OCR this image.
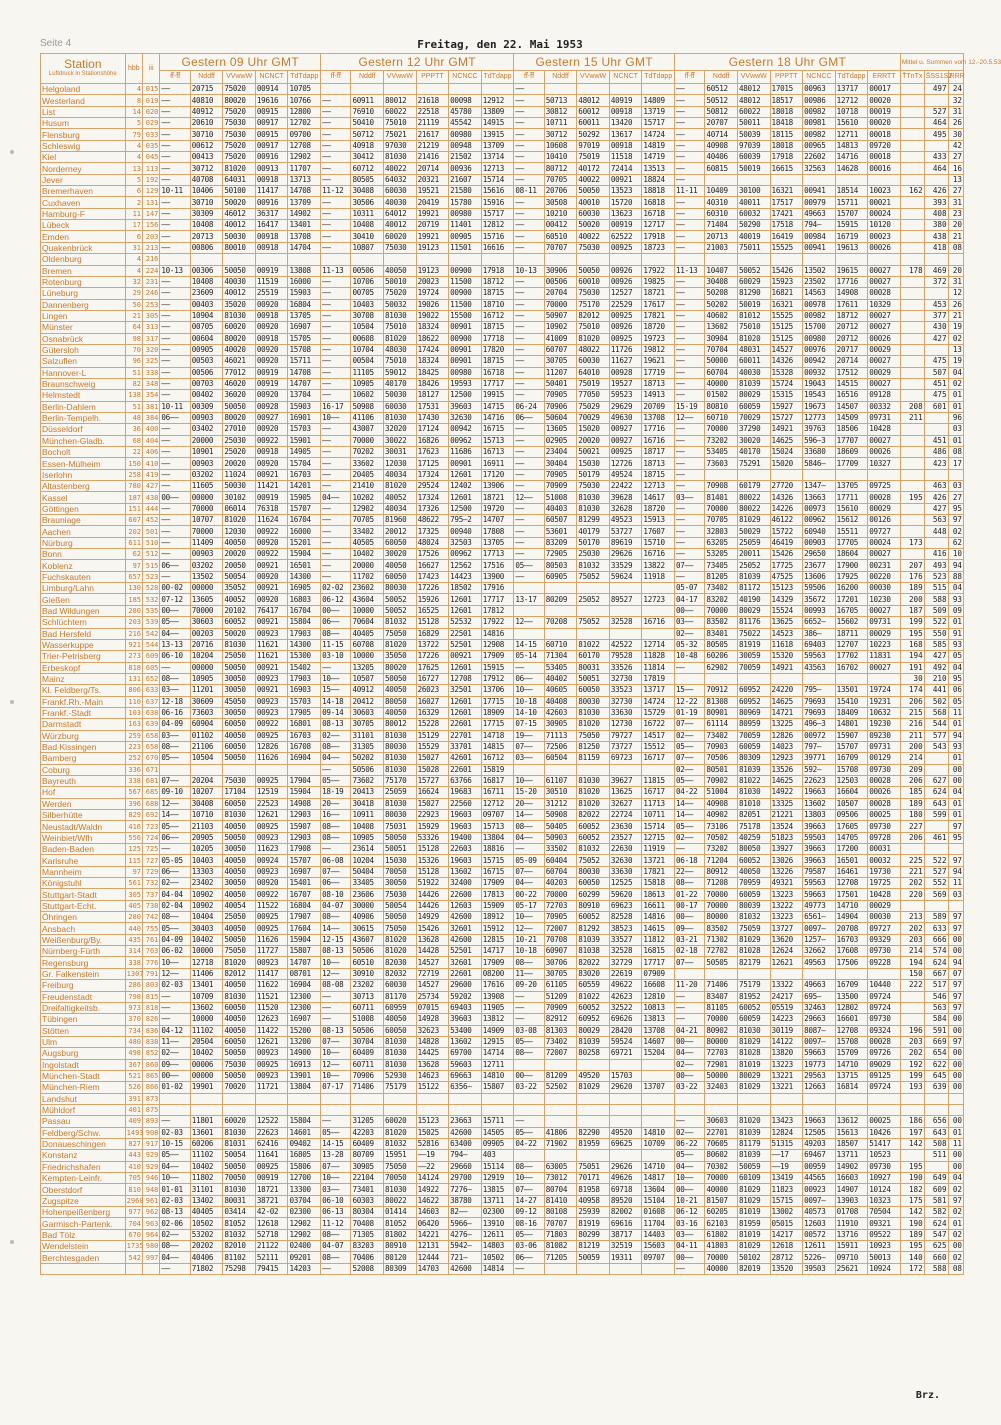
Seite 4	Freitag, den 22. Mai 1953
Station
Luftdruck in Stationshöhe	hbb	iii	Gestern 09 Uhr GMT					Gestern 12 Uhr GMT						Gestern 15 Uhr GMT					Gestern 18 Uhr GMT							Mittel u. Summen vom 12.-20.5.53		
			ff̄-f̄f̄	Nddff	VVwwW	NCNCT	TdTdapp	ff̄-f̄f̄	Nddff	VVwwW	PPPTT	NCNCC	TdTdapp	ff̄-f̄f̄	Nddff	VVwwW	NCNCT	TdTdapp	ff̄-f̄f̄	Nddff	VVwwW	PPPTT	NCNCC	TdTdapp	ERRTT	T̄TnTx	S̄SS1S2	RRR
Helgoland	4	015	——	20715	75020	00914	10705							——					——	60512	48012	17015	00963	13717	00017		497	24
Westerland	8	019	——	40810	80020	19616	10766	——	60911	80012	21618	00098	12912	——	50713	48012	40919	14809	——	50512	48012	18517	00986	12712	00020			32
List	14	020	——	40912	75020	00915	12800	——	76910	60022	22518	45780	13809	——	30812	60012	00918	13719	——	50812	60022	18018	00982	10718	00019		527	31
Husum	5	029	——	20610	75030	00917	12702	——	50410	75010	21119	45542	14915	——	10711	60011	13420	15717	——	20707	50011	18418	00981	15610	00020		464	26
Flensburg	79	033	——	30710	75030	00915	09700	——	50712	75021	21617	00980	13915	——	30712	50292	13617	14724	——	40714	50039	18115	00982	12711	00018		495	30
Schleswig	4	035	——	00612	75020	00917	12708	——	40918	97030	21219	00948	13709	——	10608	97019	00918	14819	——	40908	97039	18018	00965	14813	09720			42
Kiel	4	045	——	00413	75020	00916	12902	——	30412	81030	21416	21502	13714	——	10410	75019	11518	14719	——	40406	60039	17918	22602	14716	00018		433	27
Norderney	13	113	——	30712	81020	00913	11707	——	60712	40022	20714	00936	12713	——	80712	40172	72414	13513	——	60815	50019	16615	32563	14628	00016		464	16
Jever	5	192	——	40708	64031	00918	13713	——	80505	64032	20321	21607	15714	——	70705	40022	00921	18824	——									13
Bremerhaven	6	129	10-11	10406	50100	11417	14708	11-12	30408	60030	19521	21580	15616	08-11	20706	50050	13523	18818	11-11	10409	30100	16321	00941	18514	10023	162	426	27
Cuxhaven	2	131	——	30710	50020	00916	13709	——	30506	40030	20419	15780	15916	——	30508	40010	15720	16818	——	40310	40011	17517	00979	15711	00021		393	31
Hamburg-F	11	147	——	30309	46012	36317	14902	——	10311	64012	19921	00980	15717	——	10210	60030	13623	16718	——	60310	60032	17421	49663	15707	00024		408	23
Lübeck	17	156	——	10408	40012	16417	13401	——	10408	40012	20719	11401	12812	——	00412	50020	00919	12717	——	71404	50290	17518	794—	15915	10120		380	20
Emden	6	203	——	20713	50030	00918	13708	——	30410	60020	19921	00905	15716	——	60510	40022	62522	17918	——	20713	40019	16419	00984	16719	00023		438	21
Quakenbrück	31	213	——	00806	80010	00918	14704	——	10807	75030	19123	11501	16616	——	70707	75030	00925	18723	——	21003	75011	15525	00941	19613	00026		418	08
Oldenburg	4	216																										
Bremen	4	224	10-13	00306	50050	00919	13808	11-13	00506	40050	19123	00900	17918	10-13	30906	50050	00926	17922	11-13	10407	50052	15426	13502	19615	00027	178	469	20
Rotenburg	32	231	——	10408	40030	11519	16000	——	10706	50010	20023	11500	18712	——	00506	60010	00926	19825	——	30408	60029	15923	23502	17716	00027		372	31
Lüneburg	29	246	——	23609	40012	25519	15903	——	00705	75020	19724	00900	18715	——	20704	75030	12527	18721	——	50208	81290	16821	14563	14908	00028			12
Dannenberg	50	253	——	00403	35020	00920	16804	——	10403	50032	19026	11500	18710	——	70000	75170	22529	17617	——	50202	50019	16321	00978	17611	10329		453	26
Lingen	21	305	——	10904	81030	00918	13705	——	30708	81030	19022	15500	16712	——	50907	82012	00925	17821	——	40602	81012	15525	00982	18712	00027		377	21
Münster	64	313	——	00705	60020	00920	16907	——	10504	75010	18324	00901	18715	——	10902	75010	00926	18720	——	13602	75010	15125	15700	20712	00027		430	19
Osnabrück	98	317	——	00604	80020	00918	15705	——	00608	81020	18622	00900	17718	——	41009	81020	00925	19723	——	30904	81020	15125	00980	20712	00026		427	02
Gütersloh	70	320	——	00905	40020	00920	15708	——	10704	48030	17424	00901	17820	——	60707	48022	11726	19812	——	70704	48031	14527	00976	20717	00029			13
Salzuflen	96	325	——	00503	46021	00920	15711	——	00504	75010	18324	00901	18715	——	30705	60030	11627	19621	——	50000	60011	14326	00942	20714	00027		475	19
Hannover-L	51	338	——	00506	77012	00919	14708	——	11105	59012	18425	00980	16718	——	11207	64010	00928	17719	——	60704	40030	15328	00932	17512	00029		507	04
Braunschweig	82	348	——	00703	46020	00919	14707	——	10905	40170	18426	19593	17717	——	50401	75019	19527	18713	——	40000	81039	15724	19043	14515	00027		451	02
Helmstedt	138	354	——	00402	36020	00920	13704	——	10602	50030	18127	12500	19915	——	70905	77050	59523	14913	——	01502	80029	15315	19543	16516	09128		475	01
Berlin-Dahlem	51	381	10-11	00309	50050	00928	15903	16-17	50908	60030	17531	39603	14715	06-24	70906	75029	29629	20709	15-19	80810	60059	15927	19673	14507	00332	208	601	01
Berlin-Tempelh.	48	384	06——	00903	80020	00927	16901	10——	41106	81030	17430	32630	14716	06——	50604	70029	49630	13708	12——	60710	70029	15727	12773	14509	09731	211		96
Düsseldorf	36	400	——	03402	27010	00920	15703	——	43007	32020	17124	00942	16715	——	13605	15020	00927	17716	——	70000	37290	14921	39763	18506	10428			03
München-Gladb.	68	404	——	20000	25030	00922	15901	——	70000	30022	16826	00962	15713	——	02905	20020	00927	16716	——	73202	30020	14625	596—3	17707	00027		451	01
Bocholt	22	406	——	10901	25020	00918	14905	——	70202	30031	17623	11686	16713	——	23404	50021	00925	18717	——	53405	40170	15024	33680	18609	00026		486	08
Essen-Mülheim	150	410	——	00903	20020	00920	15704	——	33602	12030	17125	00901	16911	——	30404	15030	12726	18713	——	73603	75291	15020	5846—	17709	10327		423	17
Iserlohn	258	419	——	03202	11024	00921	16703	——	20405	40034	17324	12601	17120	——	70905	50179	49524	18715	——									
Altastenberg	780	427	——	11605	50030	11421	14201	——	21410	81020	29524	12402	13906	——	70909	75030	22422	12713	——	70908	60179	27720	1347—	13705	09725		463	03
Kassel	187	438	00——	00000	30102	00919	15905	04——	10202	40052	17324	12601	18721	12——	51008	81030	39628	14617	03——	81401	80022	14326	13663	17711	00028	195	426	27
Göttingen	151	444	——	70000	06014	76318	15707	——	12902	40034	17326	12500	19720	——	40403	81030	32628	18720	——	70000	80022	14226	00973	15610	00029		427	95
Brauniage	607	452	——	10707	81020	11624	16704	——	70705	81960	48622	795—2	14707	——	60507	81299	49523	15913	——	70705	81029	46122	00962	15612	00126		563	97
Aachen	202	501	——	70000	12030	00922	16000	——	33402	20012	17325	00940	17808	——	53601	40179	53727	17607	——	32803	50029	15722	60940	15511	09727		448	02
Nürburg	611	510	——	11409	40050	00920	15201	——	40505	60050	48024	32503	13705	——	83209	50170	89619	15710	——	63205	25059	46419	00903	17705	00024	173		62
Bonn	62	512	——	00903	20020	00922	15904	——	10402	30020	17526	00962	17713	——	72905	25030	29626	16716	——	53205	20011	15426	29650	18604	00027		416	10
Koblenz	97	515	06——	03202	20050	00921	16501	——	20000	40050	16627	12562	17516	05——	80503	81032	33529	13822	07——	73405	25052	17725	23677	17900	00231	207	493	94
Fuchskauten	657	523	——	13502	50054	00920	14300	——	11702	60050	17423	14423	13900	——	60905	75052	59624	11918	——	81205	81039	47525	13606	17925	00220	176	523	88
Limburg/Lahn	130	528	00-02	00000	35052	00921	16905	02-02	23602	80030	17226	18502	17916						05-07	73402	81172	15123	59506	16200	00030	189	515	04
Gießen	185	532	07-12	13605	40052	00920	16803	06-12	43604	50052	15926	12601	17717	13-17	80209	25052	89527	12723	04-17	83202	40190	14329	35672	17201	10230	200	588	93
Bad Wildungen	280	535	00——	70000	20102	76417	16704	00——	10000	50052	16525	12601	17812						00——	70000	80029	15524	00993	16705	00027	187	509	09
Schlüchtern	203	539	05——	30603	60052	00921	15804	06——	70604	81032	15128	52532	17922	12——	70208	75052	32528	16716	03——	83502	81176	13625	6652—	15602	09731	199	522	01
Bad Hersfeld	216	542	04——	00203	50020	00923	17903	08——	40405	75050	16829	22501	14816						02——	83401	75022	14523	386—	18711	00029	195	550	91
Wasserkuppe	921	544	13-13	20716	81030	11621	14300	11-15	60708	81020	13722	52501	12908	14-15	60710	81022	42522	12714	05-32	80505	81919	11618	69403	12707	10223	168	585	93
Trier-Petrisberg	273	609	06-10	10204	25050	11621	15300	03-10	10000	35050	17226	00921	17909	05-14	71304	60170	79528	11828	10-48	60206	30059	15320	59563	17702	11831	194	427	05
Erbeskopf	818	605	——	00000	50050	00921	15402	——	13205	80020	17625	12601	15915	——	53405	80031	33526	11814	——	62902	70059	14921	43563	16702	00027	191	492	04
Mainz	131	652	08——	10905	30050	00923	17903	10——	10507	50050	16727	12708	17912	06——	40402	50051	32730	17819								30	210	95
Kl. Feldberg/Ts.	806	633	03——	11201	30050	00921	16903	15——	40912	40050	26023	32501	13706	10——	40605	60050	33523	13717	15——	70912	60952	24220	795—	13501	19724	174	441	06
Frankf.Rh.-Main	110	637	12-18	30609	45050	00923	15703	14-18	20412	80050	16027	12601	17715	10-18	40408	80030	32730	14724	12-22	81308	60952	14625	79693	15410	19231	206	502	05
Frankf.-Stadt	103	638	06-16	73603	30050	00923	17905	09-14	30603	40050	16329	12601	18909	14-10	42603	81030	33630	15729	01-19	80901	80969	14721	79693	18409	10632	215	568	11
Darmstadt	163	639	04-09	60904	60050	00922	16801	08-13	30705	80012	15228	22601	17715	07-15	30905	81020	12730	16722	07——	61114	80959	13225	496—3	14801	19230	216	544	01
Würzburg	259	658	03——	01102	40050	00925	16703	02——	31101	81030	15129	22701	14718	19——	71113	75050	79727	14517	02——	73402	70059	12826	00972	15907	09230	211	577	94
Bad Kissingen	223	658	08——	21106	60050	12826	16708	08——	31305	80030	15529	33701	14815	07——	72506	81250	73727	15512	05——	70903	60059	14023	797—	15707	09731	200	543	93
Bamberg	252	670	05——	10504	50050	11626	16904	04——	50202	81030	15027	42601	16712	03——	60504	81159	69723	16717	07——	70506	80309	12923	39771	16709	00129	214		01
Coburg	336	671						——	50506	81030	15028	22601	15819						02——	80501	81039	13526	592—	15708	09730	209		00
Bayreuth	338	681	07——	20204	75030	00925	17904	05——	73602	75170	15727	63766	16817	10——	61107	81030	39627	11815	05——	70902	81022	14625	22623	12503	00028	206	627	00
Hof	567	685	09-10	10207	17104	12519	15904	18-19	20413	25059	16624	19683	16711	15-20	30510	81020	13625	16717	04-22	51004	81030	14922	19663	16604	00026	185	624	04
Werden	396	688	12——	30408	60050	22523	14908	20——	30418	81030	15027	22560	12712	20——	31212	81020	32627	11713	14——	40908	81010	13325	13602	10507	00028	189	643	01
Silberhütte	829	692	14——	10710	81030	12621	12903	16——	10911	80030	22923	19603	09707	14——	50908	82022	22724	10711	14——	40902	82051	21221	13803	09506	00025	180	599	01
Neustadt/Waldn	416	723	05——	21103	40050	00925	15907	08——	10408	75031	15929	19603	15713	08——	50405	60052	23630	15714	05——	73106	75178	13524	39663	17605	09730	227		97
Weinbiet/Wfh	556	724	06——	20905	50050	00923	12903	08——	10905	50050	53326	19400	13804	04——	50903	60052	23527	12715	02——	70502	40259	51823	59503	14705	09728	206	461	95
Baden-Baden	125	725	——	10205	30050	11623	17908	——	23614	50051	15128	22603	18816	——	33502	81032	22630	11919	——	73202	80050	13927	39663	17200	00031			
Karlsruhe	115	727	05-05	10403	40050	00924	15707	06-08	10204	15030	15326	19603	15715	05-09	60404	75052	32630	13721	06-18	71204	60052	13026	39663	16501	00032	225	522	97
Mannheim	97	729	06——	13303	40050	00923	16907	07——	50404	70050	15128	13602	16715	07——	60704	80030	33630	17821	22——	80912	40050	13226	79587	16461	19730	221	527	94
Königstuhl	561	732	02——	23402	30050	00920	15401	06——	33405	30050	51922	32400	17909	04——	40203	60050	12525	15818	08——	71208	70959	49321	59563	12708	19725	202	552	11
Stuttgart-Stadt	305	737	04-04	10902	40050	00922	16707	08-10	23606	75030	14426	22600	17813	00-22	70000	60299	59620	18613	01-22	70000	60059	13223	59663	17501	10428	220	569	03
Stuttgart-Echt.	405	738	02-04	10902	40054	11522	16804	04-07	30000	50054	14426	12603	15909	05-17	72703	80910	69623	16611	00-17	70000	80039	13222	49773	14710	00029			
Öhringen	280	742	08——	10404	25050	00925	17907	08——	40906	50050	14929	42600	18912	10——	70905	60052	82528	14816	00——	80000	81032	13223	6561—	14904	00030	213	589	97
Ansbach	440	755	05——	30403	40050	00925	17604	14——	30615	75050	15426	32601	15912	12——	72007	81292	38523	14615	09——	83502	75059	13727	0097—	20708	09727	202	633	97
Weißenburg/By.	435	761	04-09	10402	50050	11626	15904	12-15	43607	81020	13628	42600	12815	10-21	70708	81039	33527	11812	03-21	71302	81029	13620	1257—	16703	09329	203	666	00
Nürnberg-Fürth	314	763	06-02	10000	75050	11727	15807	08-13	50506	81020	14428	52501	14717	10-18	60907	81038	32528	16815	02-18	72702	81028	12624	32662	17608	09730	214	574	00
Regensburg	338	776	10——	12718	81020	00923	14707	10——	60510	82030	14527	32601	17909	08——	30706	82022	32729	17717	07——	50505	82179	12621	49563	17506	09228	194	624	94
Gr. Falkenstein	1307	791	12——	11406	82012	11417	08701	12——	30910	82032	72719	22601	08200	11——	30705	83020	22619	07909								150	667	07
Freiburg	286	803	02-03	13401	40050	11622	16904	08-08	23202	60030	14527	29600	17616	09-20	61105	60559	49622	16608	11-20	71406	75179	13322	49663	16709	10440	222	517	97
Freudenstadt	798	815	——	10709	81030	11521	12300	——	30713	81170	25734	59202	13908	——	51209	81022	42623	12810	——	83407	81952	24217	695—	13500	09724		546	97
Dreifaltigkeitsb.	973	818	——	13602	60050	11520	12300	——	60711	60959	07015	69403	11905	——	70909	60052	32522	10813	——	81105	60052	05519	32463	12802	09724		563	97
Tübingen	370	826	——	10000	40050	12623	16907	——	51008	40050	14928	39603	13812	——	82912	60952	69626	13813	——	70000	60059	14223	29663	16601	09730		584	00
Stötten	734	836	04-12	11102	40050	11422	15200	08-13	50506	60050	32623	53400	14909	03-08	81303	80029	28420	13708	04-21	80902	81030	30119	8087—	12708	09324	196	591	00
Ulm	480	838	11——	20504	60050	12621	13200	07——	30704	81030	14828	13602	12915	05——	73402	81039	59524	14607	00——	80000	81029	14122	0097—	15708	00028	203	669	97
Augsburg	498	852	02——	10402	50050	00923	14900	10——	60409	81030	14425	69700	14714	08——	72007	80258	69721	15204	04——	72703	81028	13820	59663	15709	09726	202	654	00
Ingolstadt	367	860	09——	00006	75030	00925	16913	12——	60711	81030	13628	59603	12711						02——	72901	81019	13223	19773	14710	09029	192	622	00
München-Stadt	521	865	00——	00000	50050	00923	13901	10——	70906	52930	14623	69663	14810	00——	81209	49520	15703		00——	50000	80029	13221	29563	13715	09125	199	645	00
München-Riem	526	866	01-02	19901	70020	11721	13804	07-17	71406	75179	15122	6356—	15807	03-22	52502	81029	29620	13707	03-22	32403	81029	13221	12663	16814	09724	193	639	00
Landshut	391	873																										
Mühldorf	401	875																										
Passau	409	893	——	11801	60020	12522	15804	——	31205	60020	15123	23663	15711	——					——	30603	81020	13423	19663	13612	00025	186	656	00
Feldberg/Schw.	1493	908	02-03	13601	81030	22623	14601	05——	42203	81020	15025	42600	14505	05——	41806	82290	49520	14810	02——	22701	81039	12824	12505	15613	10426	197	643	01
Donaueschingen	827	917	10-15	60206	81031	62416	09402	14-15	60409	81032	52816	63400	09905	04-22	71902	81959	69625	10709	06-22	70605	81179	51315	49203	18507	51417	142	508	11
Konstanz	443	929	05——	11102	50054	11641	16805	13-28	80709	15951	——19	794—	403						05——	80602	81039	——17	69467	13711	10523		511	00
Friedrichshafen	410	929	04——	10402	50050	00925	15806	07——	30905	75050	——22	29660	15114	08——	63005	75051	29626	14710	04——	70302	50059	——19	00959	14902	09730	195		00
Kempten-Leinfr.	705	946	10——	11802	70050	00919	12700	10——	22104	70050	14124	29700	12919	10——	73012	70171	49626	14817	10——	70000	60109	13419	44565	16603	10927	190	649	04
Oberstdorf	810	948	01-01	31101	81030	18721	13300	03——	73401	81030	14922	7276—	13815	07——	80704	81958	69718	13604	00——	40000	81029	11823	00923	14907	10124	182	609	02
Zugspitze	2960	961	02-03	13402	80031	38721	03704	06-10	60303	80022	14622	38780	13711	14-27	81410	40958	89520	15104	10-21	81507	81029	15715	0097—	13903	10323	175	581	97
Hohenpeißenberg	977	962	08-13	40405	03414	42-02	02300	06-13	80304	01414	14603	82——	02300	09-12	80108	25939	82002	01608	06-12	60205	81019	13002	40573	01708	70504	142	582	02
Garmisch-Partenk.	704	963	02-06	10502	81052	12618	12902	11-12	70408	81052	06420	5966—	13910	08-16	70707	81919	69616	11704	03-16	62103	81959	05015	12603	11910	09321	190	624	01
Bad Tölz	670	964	02——	53202	81032	52718	12902	08——	71305	81802	14221	4276—	12611	05——	71803	80299	38717	14403	03——	61802	81019	14217	00572	13716	09522	189	547	02
Wendelstein	1735	980	08——	20202	82010	21122	02400	04-07	83203	80910	12131	5942—	14803	03-06	81082	81219	32519	15603	04-11	41803	81029	12618	12611	15911	10923	195	625	00
Berchtesgaden	542	997	04——	40406	81102	52111	09201	08——	70406	80120	12444	721—	10502	06——	71205	50059	19311	09707	00——	70000	50102	28712	5226—	09710	50013	140	660	02
			——	71802	75298	79415	14203	——	52008	80309	14703	42600	14814	——					——	40000	82019	13520	39503	25621	10924	172	588	08
Brz.
